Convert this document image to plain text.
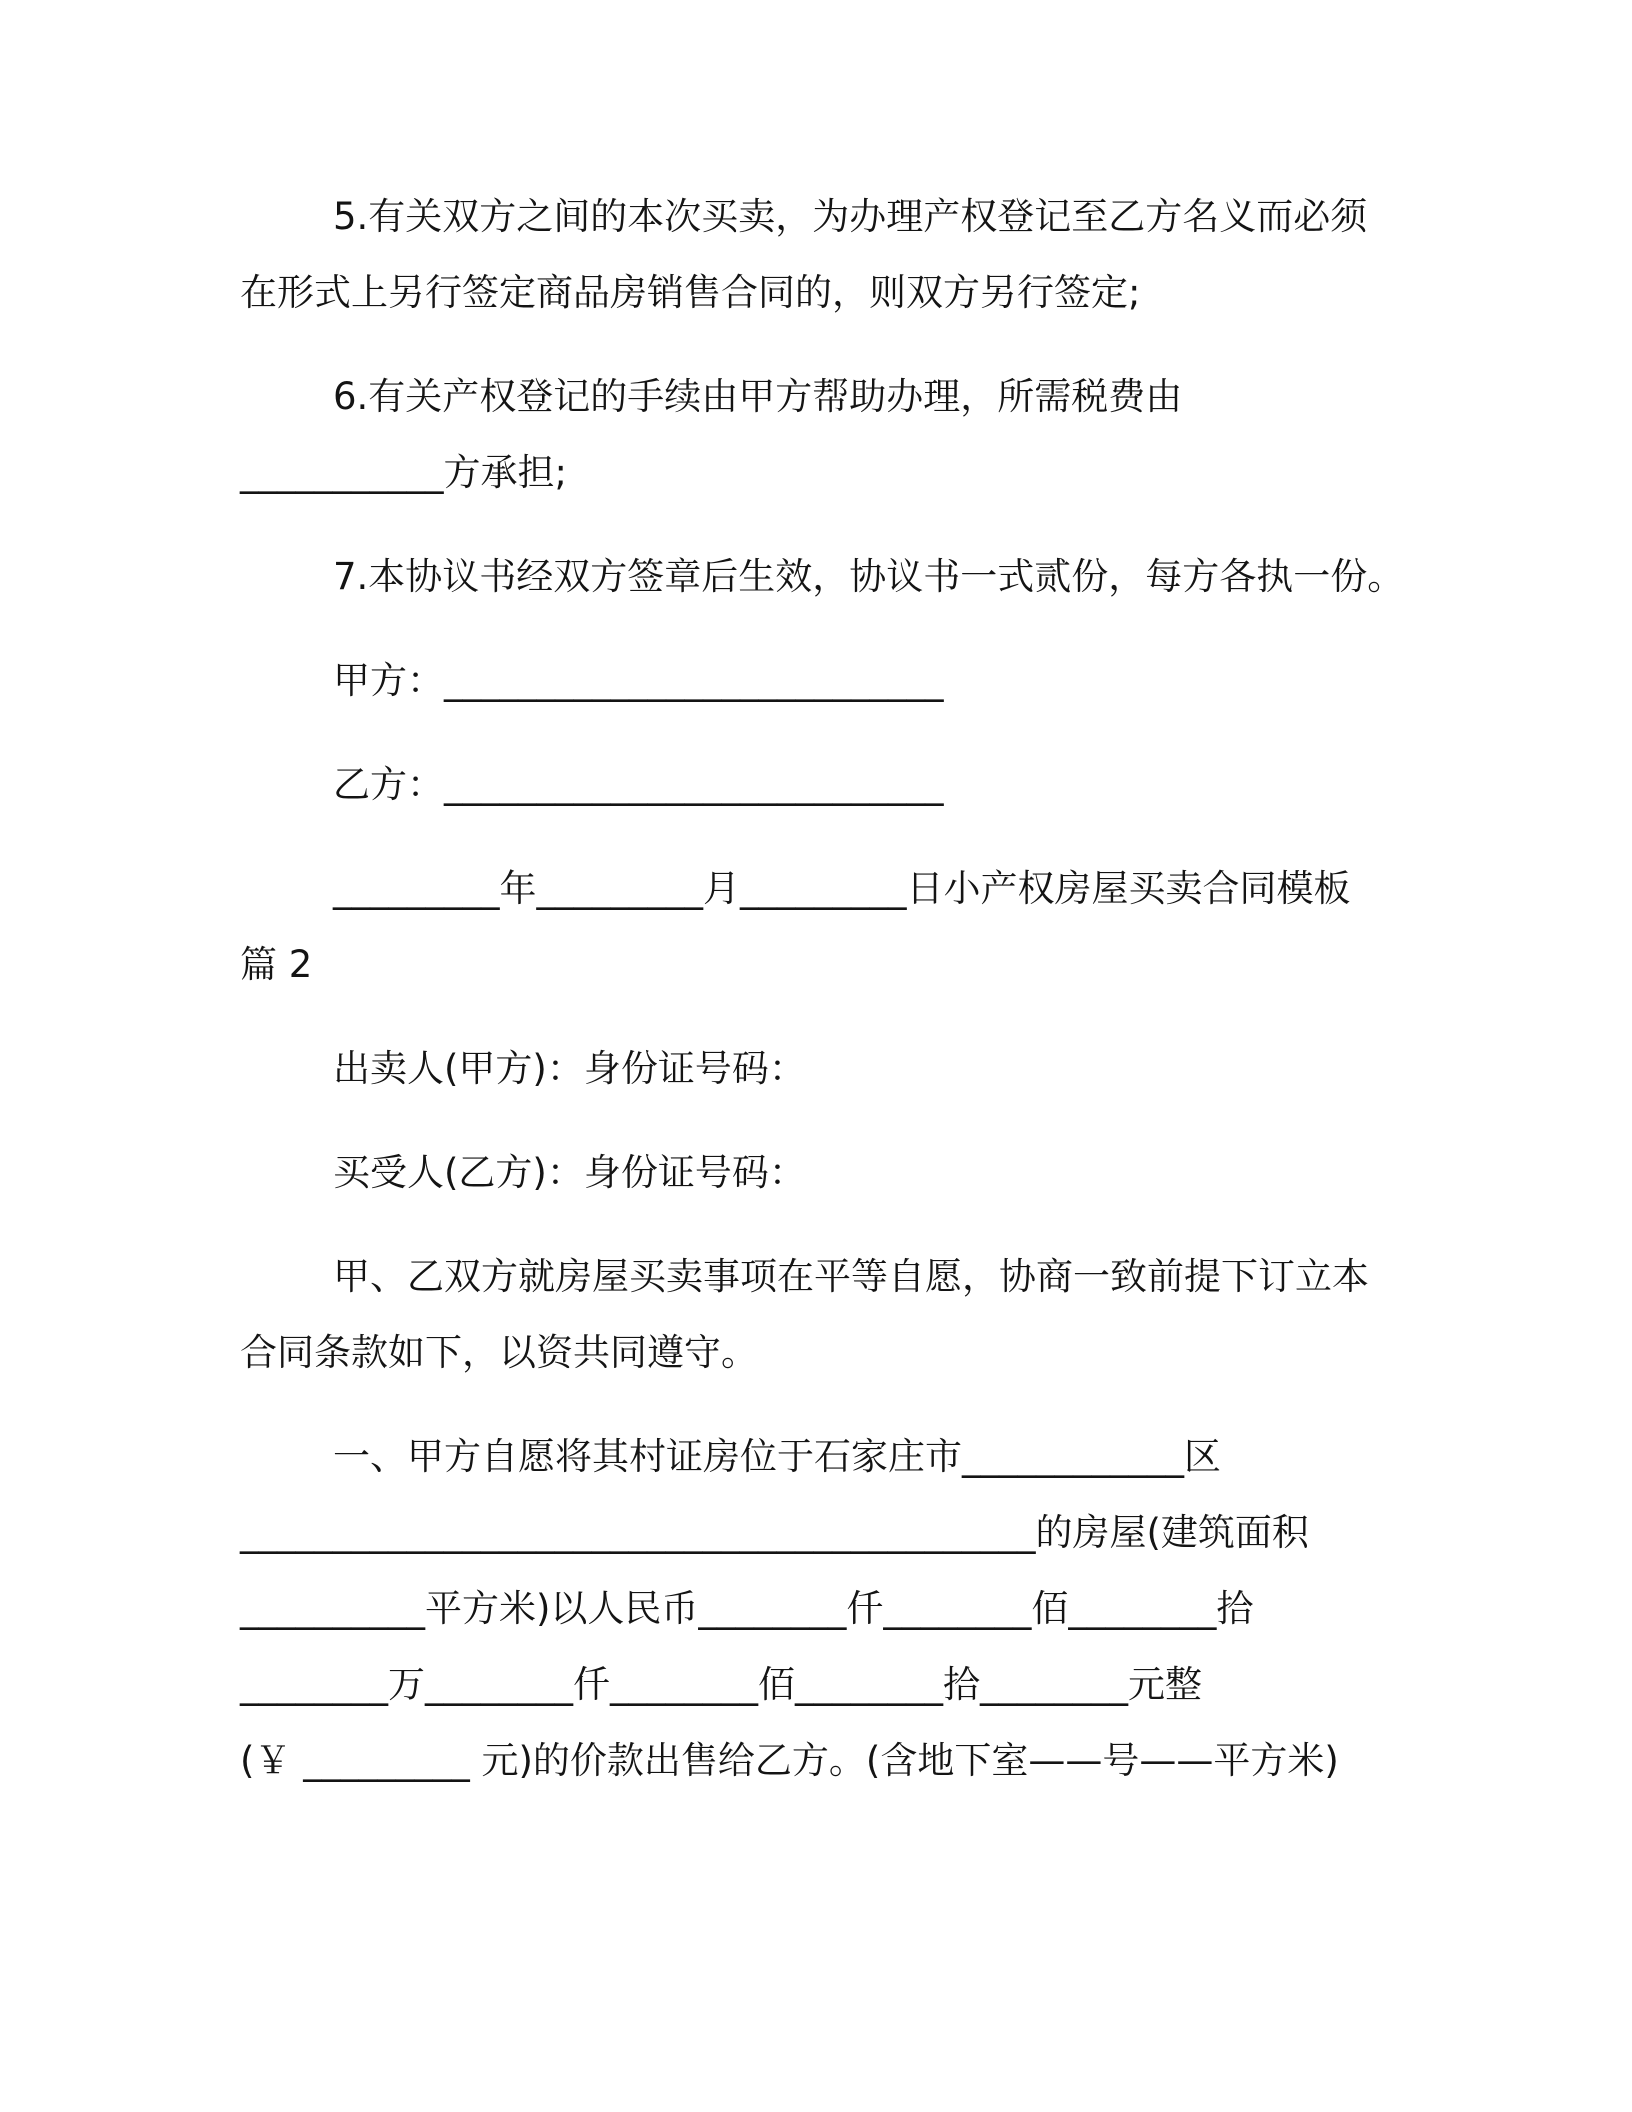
5.有关双方之间的本次买卖，为办理产权登记至乙方名义而必须
在形式上另行签定商品房销售合同的，则双方另行签定;
6.有关产权登记的手续由甲方帮助办理，所需税费由
___________方承担;
7.本协议书经双方签章后生效，协议书一式贰份，每方各执一份。
甲方：___________________________
乙方：___________________________
_________年_________月_________日小产权房屋买卖合同模板
篇 2
出卖人(甲方)：身份证号码：
买受人(乙方)：身份证号码：
甲、乙双方就房屋买卖事项在平等自愿，协商一致前提下订立本
合同条款如下，以资共同遵守。
一、甲方自愿将其村证房位于石家庄市____________区
___________________________________________的房屋(建筑面积
__________平方米)以人民币________仟________佰________拾
________万________仟________佰________拾________元整
(￥ _________ 元)的价款出售给乙方。(含地下室——号——平方米)
